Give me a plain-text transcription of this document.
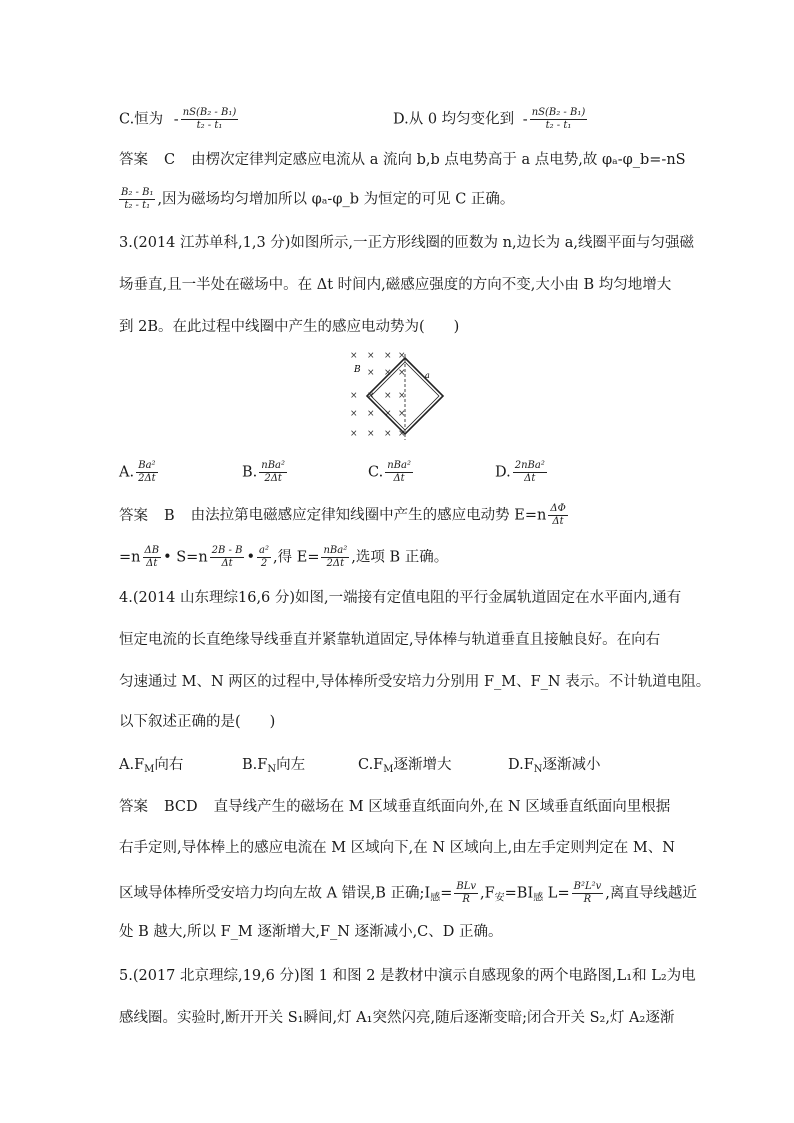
C.恒为 - $\frac{\text{nS(B₂ - B₁)}}{\text{t₂ - t₁}}$	D.从 0 均匀变化到 - $\frac{\text{nS(B₂ - B₁)}}{\text{t₂ - t₁}}$
答案 C 由楞次定律判定感应电流从 a 流向 b,b 点电势高于 a 点电势,故 φₐ-φ_b=-nS
$\frac{\text{B₂ - B₁}}{\text{t₂ - t₁}}$ ,因为磁场均匀增加所以 φₐ-φ_b 为恒定的可见 C 正确。
3.(2014 江苏单科,1,3 分)如图所示,一正方形线圈的匝数为 n,边长为 a,线圈平面与匀强磁
场垂直,且一半处在磁场中。在 Δt 时间内,磁感应强度的方向不变,大小由 B 均匀地增大
到 2B。在此过程中线圈中产生的感应电动势为(　　)
× × × ×
× × ×
× × × ×
× × × ×
× × × ×
B
a
A. $\frac{\text{Ba²}}{2\Delta t}$	B. $\frac{\text{nBa²}}{2\Delta t}$	C. $\frac{\text{nBa²}}{\Delta t}$	D. $\frac{\text{2nBa²}}{\Delta t}$
答案 B 由法拉第电磁感应定律知线圈中产生的感应电动势 $E=n \frac{\Delta\Phi}{\Delta t}$
$=n \frac{\Delta B}{\Delta t}$ • $S=n \frac{2B - B}{\Delta t}$ • $\frac{\text{a²}}{2}$ ,得 $E= \frac{\text{nBa²}}{2\Delta t}$ ,选项 B 正确。
4.(2014 山东理综16,6 分)如图,一端接有定值电阻的平行金属轨道固定在水平面内,通有
恒定电流的长直绝缘导线垂直并紧靠轨道固定,导体棒与轨道垂直且接触良好。在向右
匀速通过 M、N 两区的过程中,导体棒所受安培力分别用 F_M、F_N 表示。不计轨道电阻。
以下叙述正确的是(　　)
$A.F_M$向右	$B.F_N$向左	$C.F_M$逐渐增大	$D.F_N$逐渐减小
答案 BCD 直导线产生的磁场在 M 区域垂直纸面向外,在 N 区域垂直纸面向里根据
右手定则,导体棒上的感应电流在 M 区域向下,在 N 区域向上,由左手定则判定在 M、N
区域导体棒所受安培力均向左故 A 错误,B 正确$;I_感= \frac{\text{BLv}}{R} ,F_安=BI_感$ $L= \frac{\text{B²L²v}}{R}$ ,离直导线越近
处 B 越大,所以 F_M 逐渐增大,F_N 逐渐减小,C、D 正确。
5.(2017 北京理综,19,6 分)图 1 和图 2 是教材中演示自感现象的两个电路图,L₁和 L₂为电
感线圈。实验时,断开开关 S₁瞬间,灯 A₁突然闪亮,随后逐渐变暗;闭合开关 S₂,灯 A₂逐渐
